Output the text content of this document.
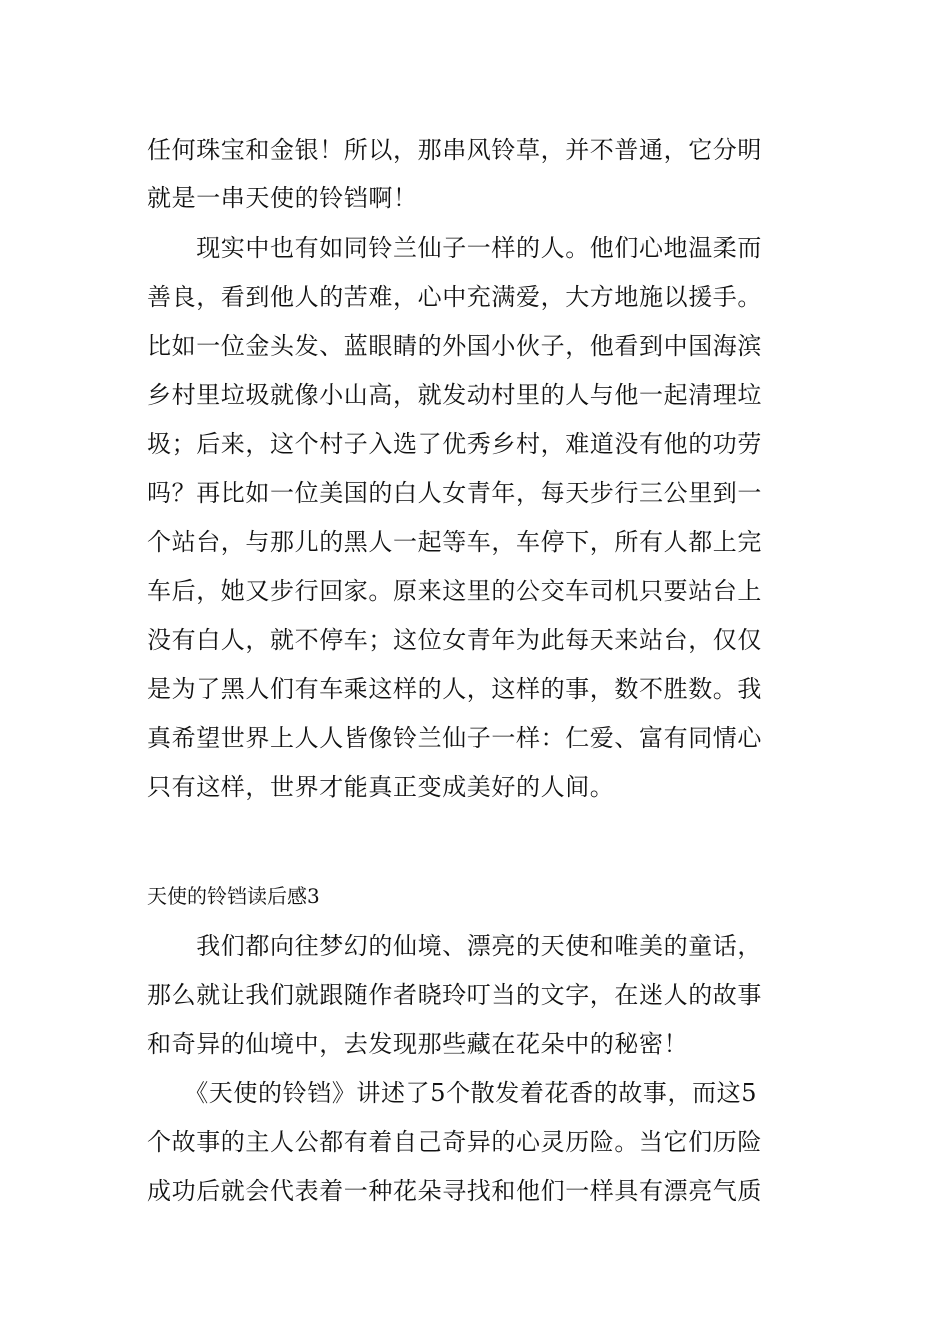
任何珠宝和金银！所以，那串风铃草，并不普通，它分明
就是一串天使的铃铛啊！
　　现实中也有如同铃兰仙子一样的人。他们心地温柔而
善良，看到他人的苦难，心中充满爱，大方地施以援手。
比如一位金头发、蓝眼睛的外国小伙子，他看到中国海滨
乡村里垃圾就像小山高，就发动村里的人与他一起清理垃
圾；后来，这个村子入选了优秀乡村，难道没有他的功劳
吗？再比如一位美国的白人女青年，每天步行三公里到一
个站台，与那儿的黑人一起等车，车停下，所有人都上完
车后，她又步行回家。原来这里的公交车司机只要站台上
没有白人，就不停车；这位女青年为此每天来站台，仅仅
是为了黑人们有车乘这样的人，这样的事，数不胜数。我
真希望世界上人人皆像铃兰仙子一样：仁爱、富有同情心
只有这样，世界才能真正变成美好的人间。
天使的铃铛读后感3
　　我们都向往梦幻的仙境、漂亮的天使和唯美的童话，
那么就让我们就跟随作者晓玲叮当的文字，在迷人的故事
和奇异的仙境中，去发现那些藏在花朵中的秘密！
　　《天使的铃铛》讲述了5个散发着花香的故事，而这5
个故事的主人公都有着自己奇异的心灵历险。当它们历险
成功后就会代表着一种花朵寻找和他们一样具有漂亮气质
